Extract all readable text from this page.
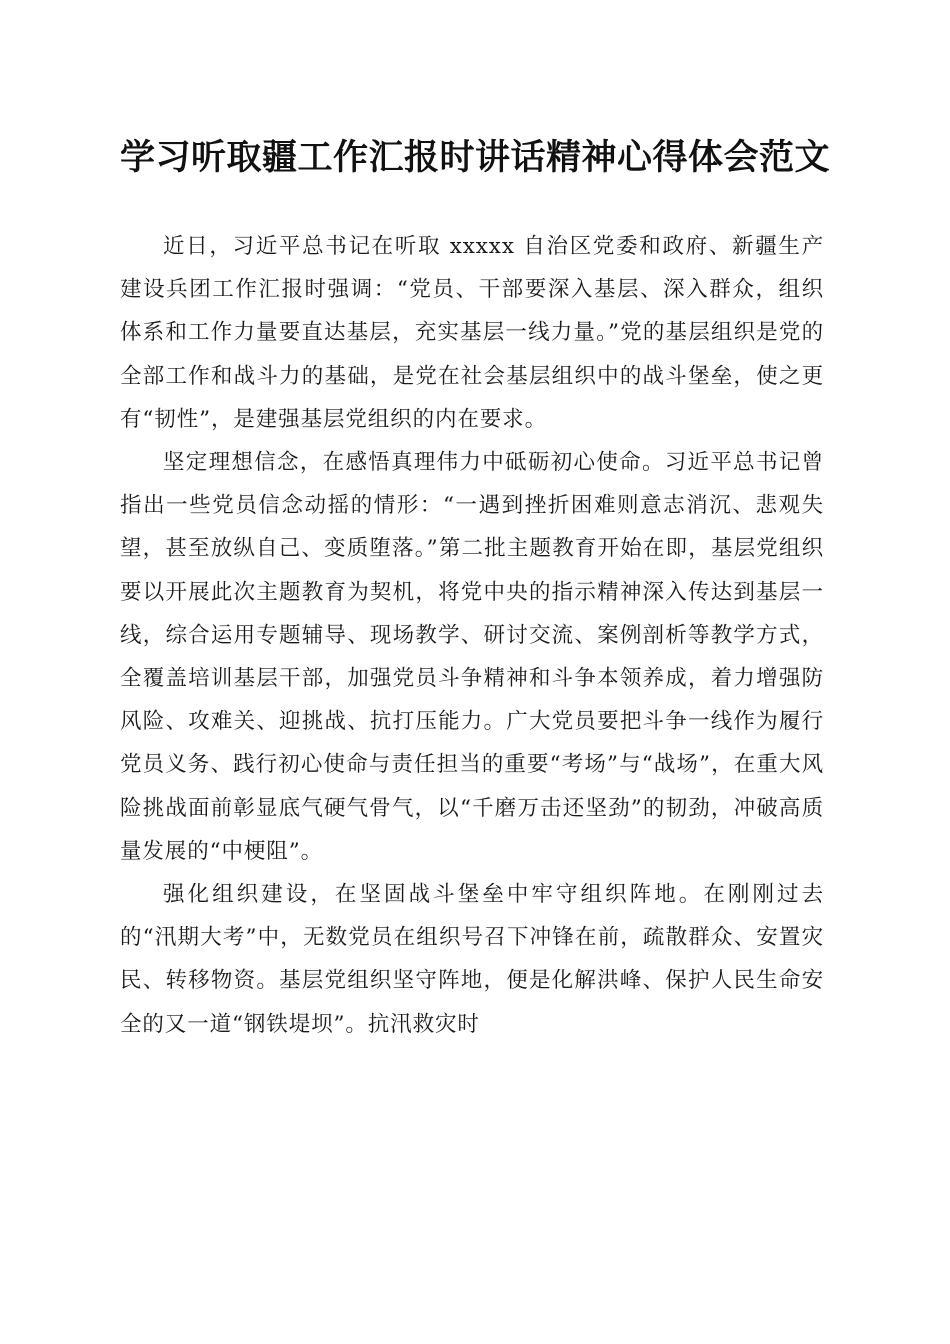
学习听取疆工作汇报时讲话精神心得体会范文

近日，习近平总书记在听取 xxxxx 自治区党委和政府、新疆生产建设兵团工作汇报时强调：“党员、干部要深入基层、深入群众，组织体系和工作力量要直达基层，充实基层一线力量。”党的基层组织是党的全部工作和战斗力的基础，是党在社会基层组织中的战斗堡垒，使之更有“韧性”，是建强基层党组织的内在要求。

坚定理想信念，在感悟真理伟力中砥砺初心使命。习近平总书记曾指出一些党员信念动摇的情形：“一遇到挫折困难则意志消沉、悲观失望，甚至放纵自己、变质堕落。”第二批主题教育开始在即，基层党组织要以开展此次主题教育为契机，将党中央的指示精神深入传达到基层一线，综合运用专题辅导、现场教学、研讨交流、案例剖析等教学方式，全覆盖培训基层干部，加强党员斗争精神和斗争本领养成，着力增强防风险、攻难关、迎挑战、抗打压能力。广大党员要把斗争一线作为履行党员义务、践行初心使命与责任担当的重要“考场”与“战场”，在重大风险挑战面前彰显底气硬气骨气，以“千磨万击还坚劲”的韧劲，冲破高质量发展的“中梗阻”。

强化组织建设，在坚固战斗堡垒中牢守组织阵地。在刚刚过去的“汛期大考”中，无数党员在组织号召下冲锋在前，疏散群众、安置灾民、转移物资。基层党组织坚守阵地，便是化解洪峰、保护人民生命安全的又一道“钢铁堤坝”。抗汛救灾时
